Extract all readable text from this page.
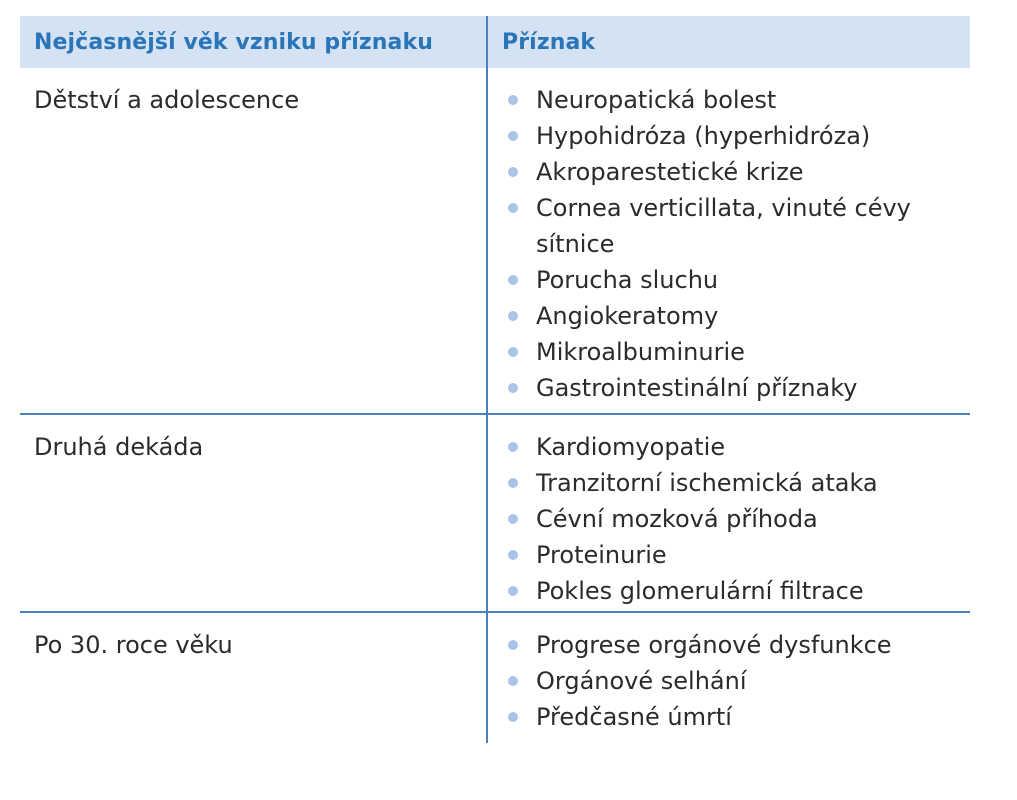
Nejčasnější věk vzniku příznaku	Příznak
Dětství a adolescence	Neuropatická bolest
Hypohidróza (hyperhidróza)
Akroparestetické krize
Cornea verticillata, vinuté cévy sítnice
Porucha sluchu
Angiokeratomy
Mikroalbuminurie
Gastrointestinální příznaky
Druhá dekáda	Kardiomyopatie
Tranzitorní ischemická ataka
Cévní mozková příhoda
Proteinurie
Pokles glomerulární filtrace
Po 30. roce věku	Progrese orgánové dysfunkce
Orgánové selhání
Předčasné úmrtí
